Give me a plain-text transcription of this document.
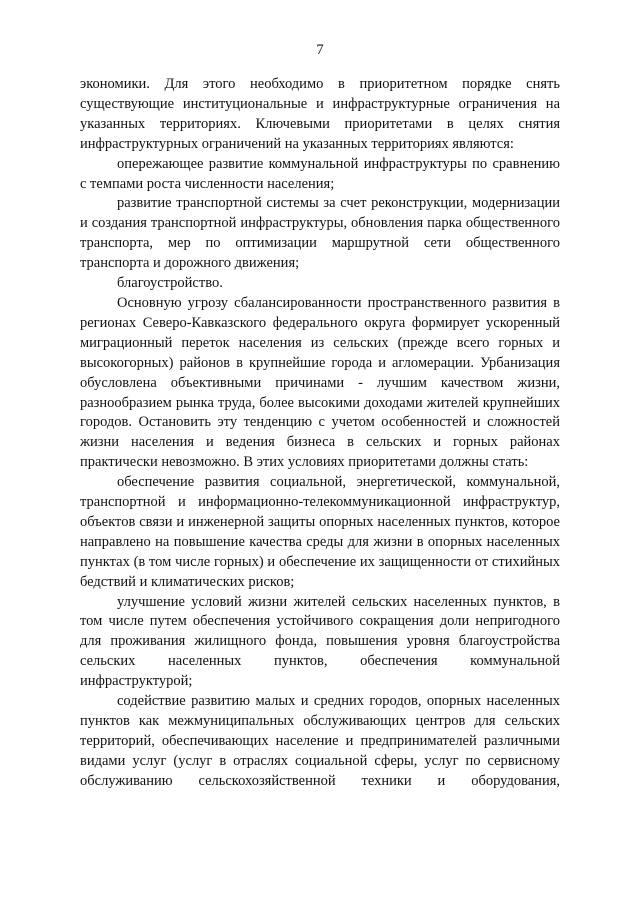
7

экономики. Для этого необходимо в приоритетном порядке снять существующие институциональные и инфраструктурные ограничения на указанных территориях. Ключевыми приоритетами в целях снятия инфраструктурных ограничений на указанных территориях являются:

опережающее развитие коммунальной инфраструктуры по сравнению с темпами роста численности населения;

развитие транспортной системы за счет реконструкции, модернизации и создания транспортной инфраструктуры, обновления парка общественного транспорта, мер по оптимизации маршрутной сети общественного транспорта и дорожного движения;

благоустройство.

Основную угрозу сбалансированности пространственного развития в регионах Северо-Кавказского федерального округа формирует ускоренный миграционный переток населения из сельских (прежде всего горных и высокогорных) районов в крупнейшие города и агломерации. Урбанизация обусловлена объективными причинами - лучшим качеством жизни, разнообразием рынка труда, более высокими доходами жителей крупнейших городов. Остановить эту тенденцию с учетом особенностей и сложностей жизни населения и ведения бизнеса в сельских и горных районах практически невозможно. В этих условиях приоритетами должны стать:

обеспечение развития социальной, энергетической, коммунальной, транспортной и информационно-телекоммуникационной инфраструктур, объектов связи и инженерной защиты опорных населенных пунктов, которое направлено на повышение качества среды для жизни в опорных населенных пунктах (в том числе горных) и обеспечение их защищенности от стихийных бедствий и климатических рисков;

улучшение условий жизни жителей сельских населенных пунктов, в том числе путем обеспечения устойчивого сокращения доли непригодного для проживания жилищного фонда, повышения уровня благоустройства сельских населенных пунктов, обеспечения коммунальной инфраструктурой;

содействие развитию малых и средних городов, опорных населенных пунктов как межмуниципальных обслуживающих центров для сельских территорий, обеспечивающих население и предпринимателей различными видами услуг (услуг в отраслях социальной сферы, услуг по сервисному обслуживанию сельскохозяйственной техники и оборудования,
